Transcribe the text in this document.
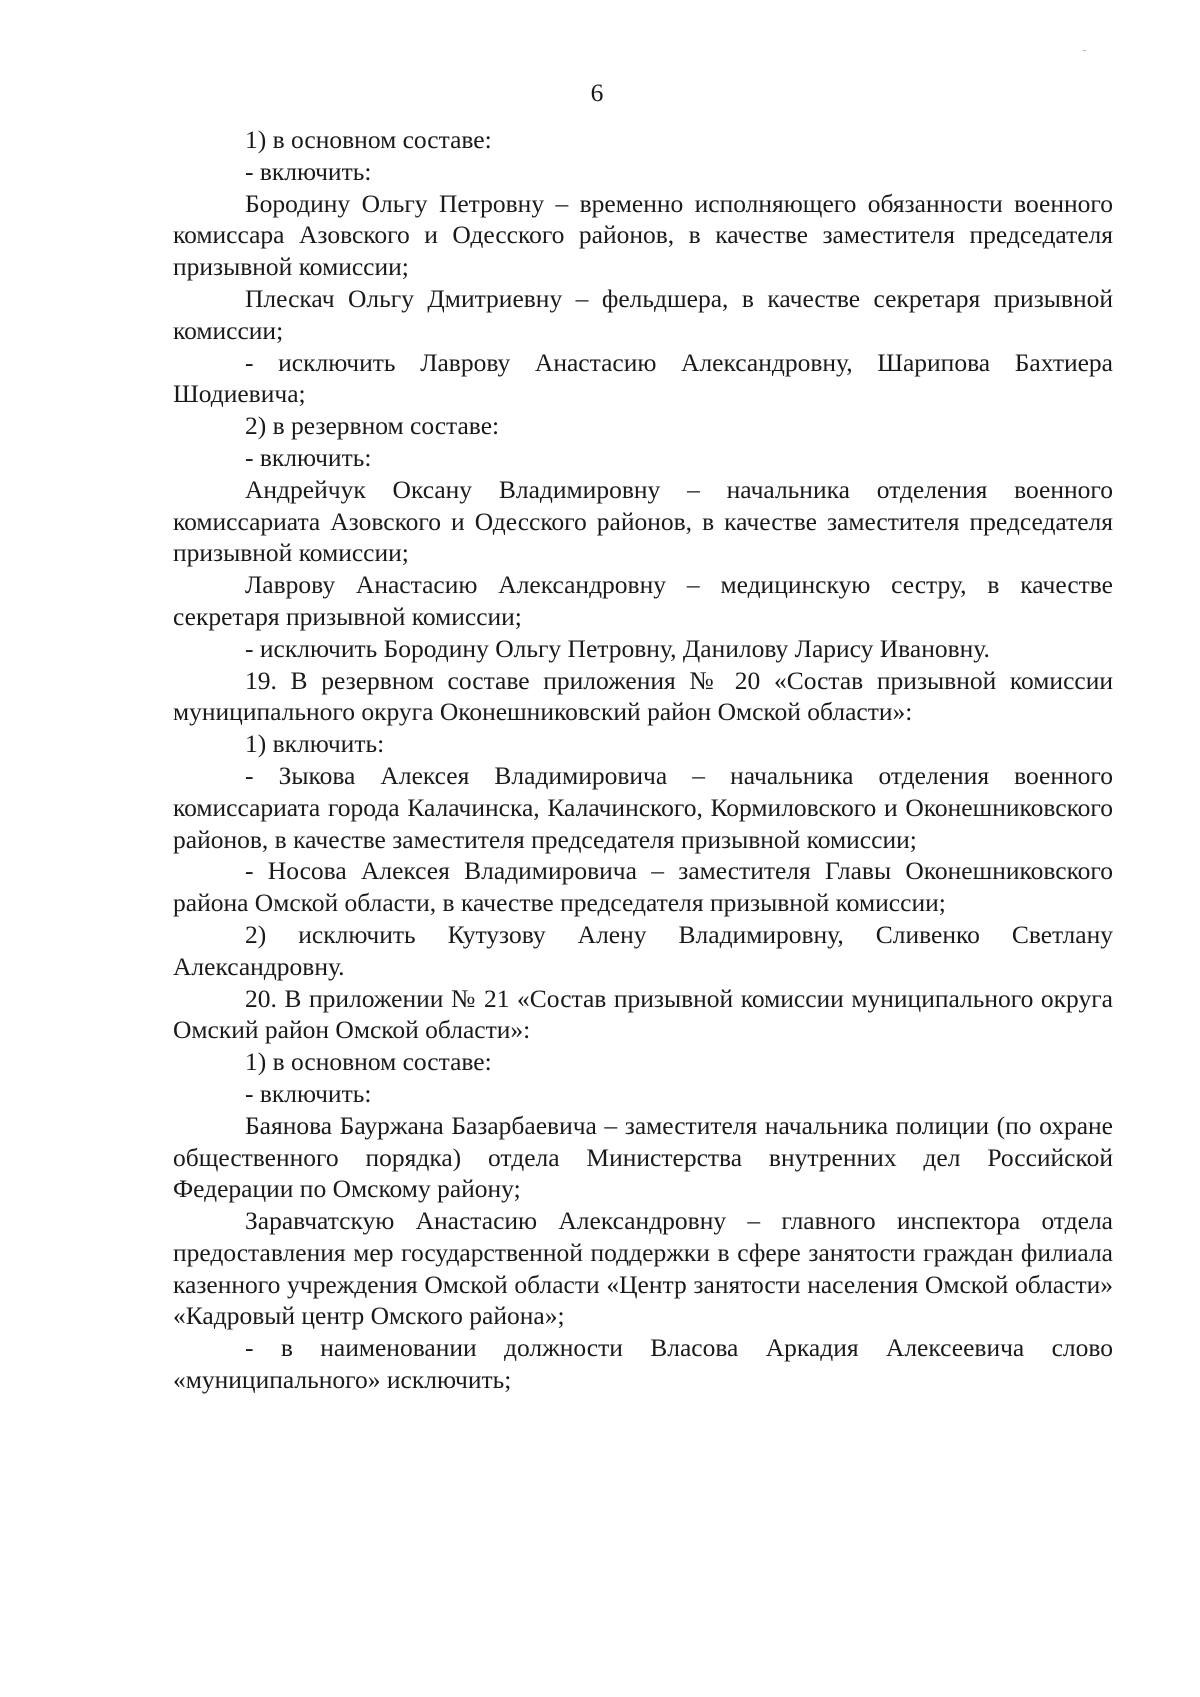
6

1) в основном составе:

- включить:

Бородину Ольгу Петровну – временно исполняющего обязанности военного комиссара Азовского и Одесского районов, в качестве заместителя председателя призывной комиссии;

Плескач Ольгу Дмитриевну – фельдшера, в качестве секретаря призывной комиссии;

- исключить Лаврову Анастасию Александровну, Шарипова Бахтиера Шодиевича;

2) в резервном составе:

- включить:

Андрейчук Оксану Владимировну – начальника отделения военного комиссариата Азовского и Одесского районов, в качестве заместителя председателя призывной комиссии;

Лаврову Анастасию Александровну – медицинскую сестру, в качестве секретаря призывной комиссии;

- исключить Бородину Ольгу Петровну, Данилову Ларису Ивановну.

19. В резервном составе приложения № 20 «Состав призывной комиссии муниципального округа Оконешниковский район Омской области»:

1) включить:

- Зыкова Алексея Владимировича – начальника отделения военного комиссариата города Калачинска, Калачинского, Кормиловского и Оконешниковского районов, в качестве заместителя председателя призывной комиссии;

- Носова Алексея Владимировича – заместителя Главы Оконешниковского района Омской области, в качестве председателя призывной комиссии;

2) исключить Кутузову Алену Владимировну, Сливенко Светлану Александровну.

20. В приложении № 21 «Состав призывной комиссии муниципального округа Омский район Омской области»:

1) в основном составе:

- включить:

Баянова Бауржана Базарбаевича – заместителя начальника полиции (по охране общественного порядка) отдела Министерства внутренних дел Российской Федерации по Омскому району;

Заравчатскую Анастасию Александровну – главного инспектора отдела предоставления мер государственной поддержки в сфере занятости граждан филиала казенного учреждения Омской области «Центр занятости населения Омской области» «Кадровый центр Омского района»;

- в наименовании должности Власова Аркадия Алексеевича слово «муниципального» исключить;
